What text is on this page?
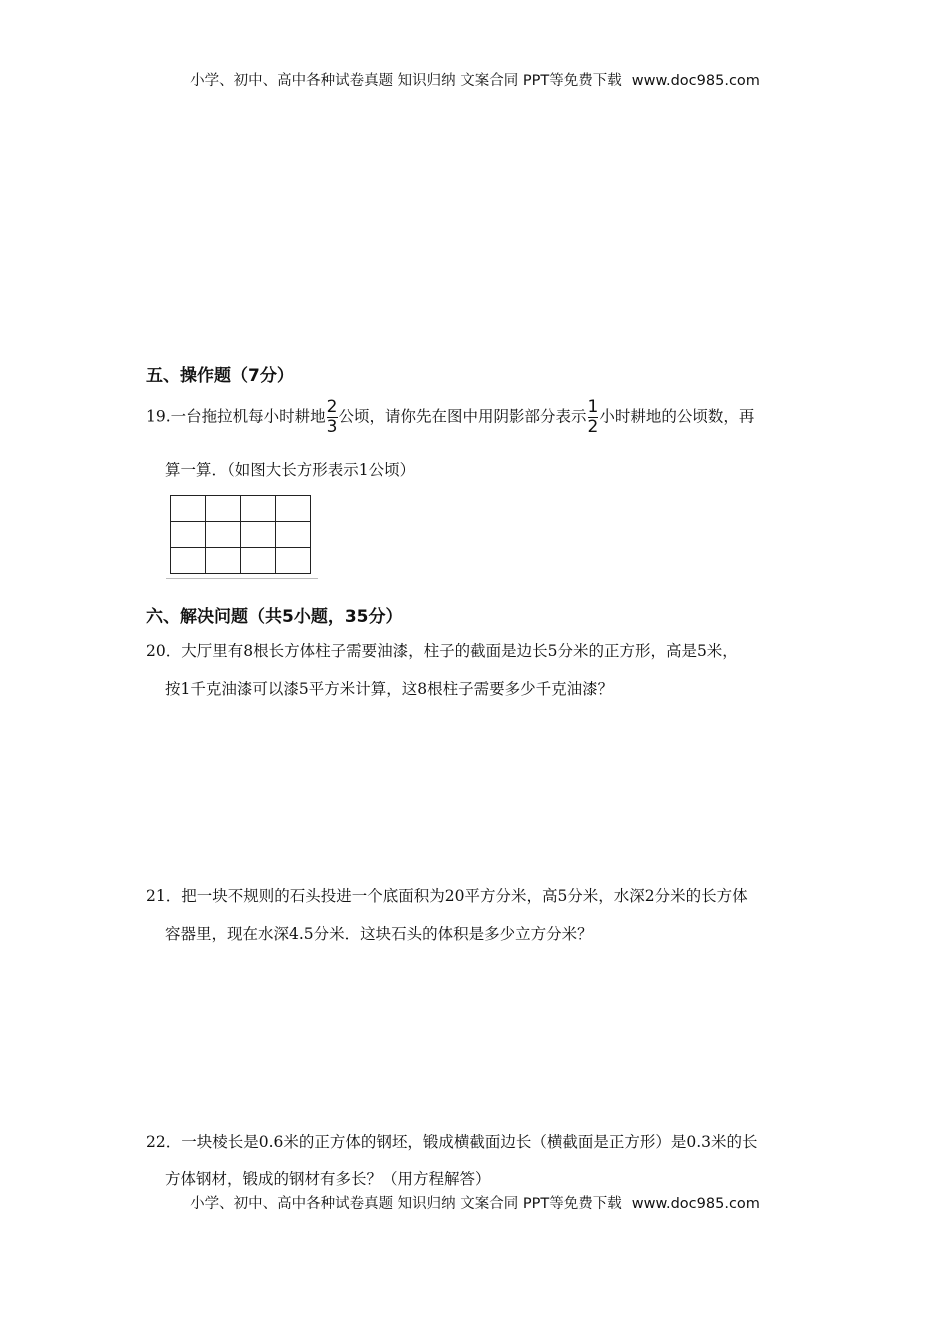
小学、初中、高中各种试卷真题 知识归纳 文案合同 PPT等免费下载 www.doc985.com
五、操作题（7分）
19.一台拖拉机每小时耕地 $\frac{2}{3}$ 公顷，请你先在图中用阴影部分表示 $\frac{1}{2}$ 小时耕地的公顷数，再
算一算．（如图大长方形表示1公顷）

六、解决问题（共5小题，35分）
20．大厅里有8根长方体柱子需要油漆，柱子的截面是边长5分米的正方形，高是5米，
按1千克油漆可以漆5平方米计算，这8根柱子需要多少千克油漆？
21．把一块不规则的石头投进一个底面积为20平方分米，高5分米，水深2分米的长方体
容器里，现在水深4.5分米．这块石头的体积是多少立方分米？
22．一块棱长是0.6米的正方体的钢坯，锻成横截面边长（横截面是正方形）是0.3米的长
方体钢材，锻成的钢材有多长？（用方程解答）
小学、初中、高中各种试卷真题 知识归纳 文案合同 PPT等免费下载 www.doc985.com
